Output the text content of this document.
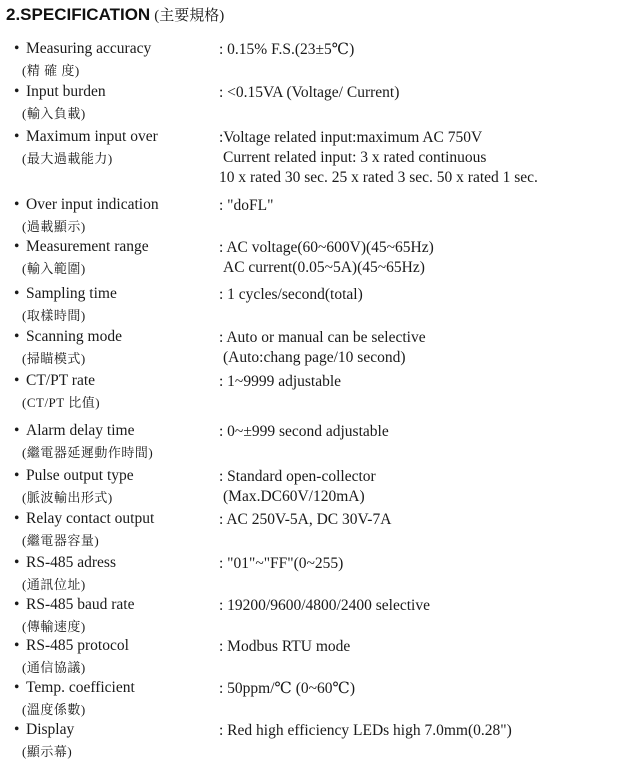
2.SPECIFICATION (主要規格)
• Measuring accuracy
(精 確 度)
: 0.15% F.S.(23±5℃)
• Input burden
(輸入負載)
: <0.15VA (Voltage/ Current)
• Maximum input over
(最大過載能力)
:Voltage related input:maximum AC 750V
Current related input: 3 x rated continuous
10 x rated 30 sec. 25 x rated 3 sec. 50 x rated 1 sec.
• Over input indication
(過載顯示)
: "doFL"
• Measurement range
(輸入範圍)
: AC voltage(60~600V)(45~65Hz)
AC current(0.05~5A)(45~65Hz)
• Sampling time
(取樣時間)
: 1 cycles/second(total)
• Scanning mode
(掃瞄模式)
: Auto or manual can be selective
(Auto:chang page/10 second)
• CT/PT rate
(CT/PT 比值)
: 1~9999 adjustable
• Alarm delay time
(繼電器延遲動作時間)
: 0~±999 second adjustable
• Pulse output type
(脈波輸出形式)
: Standard open-collector
(Max.DC60V/120mA)
• Relay contact output
(繼電器容量)
: AC 250V-5A, DC 30V-7A
• RS-485 adress
(通訊位址)
: "01"~"FF"(0~255)
• RS-485 baud rate
(傳輸速度)
: 19200/9600/4800/2400 selective
• RS-485 protocol
(通信協議)
: Modbus RTU mode
• Temp. coefficient
(溫度係數)
: 50ppm/℃ (0~60℃)
• Display
(顯示幕)
: Red high efficiency LEDs high 7.0mm(0.28")
